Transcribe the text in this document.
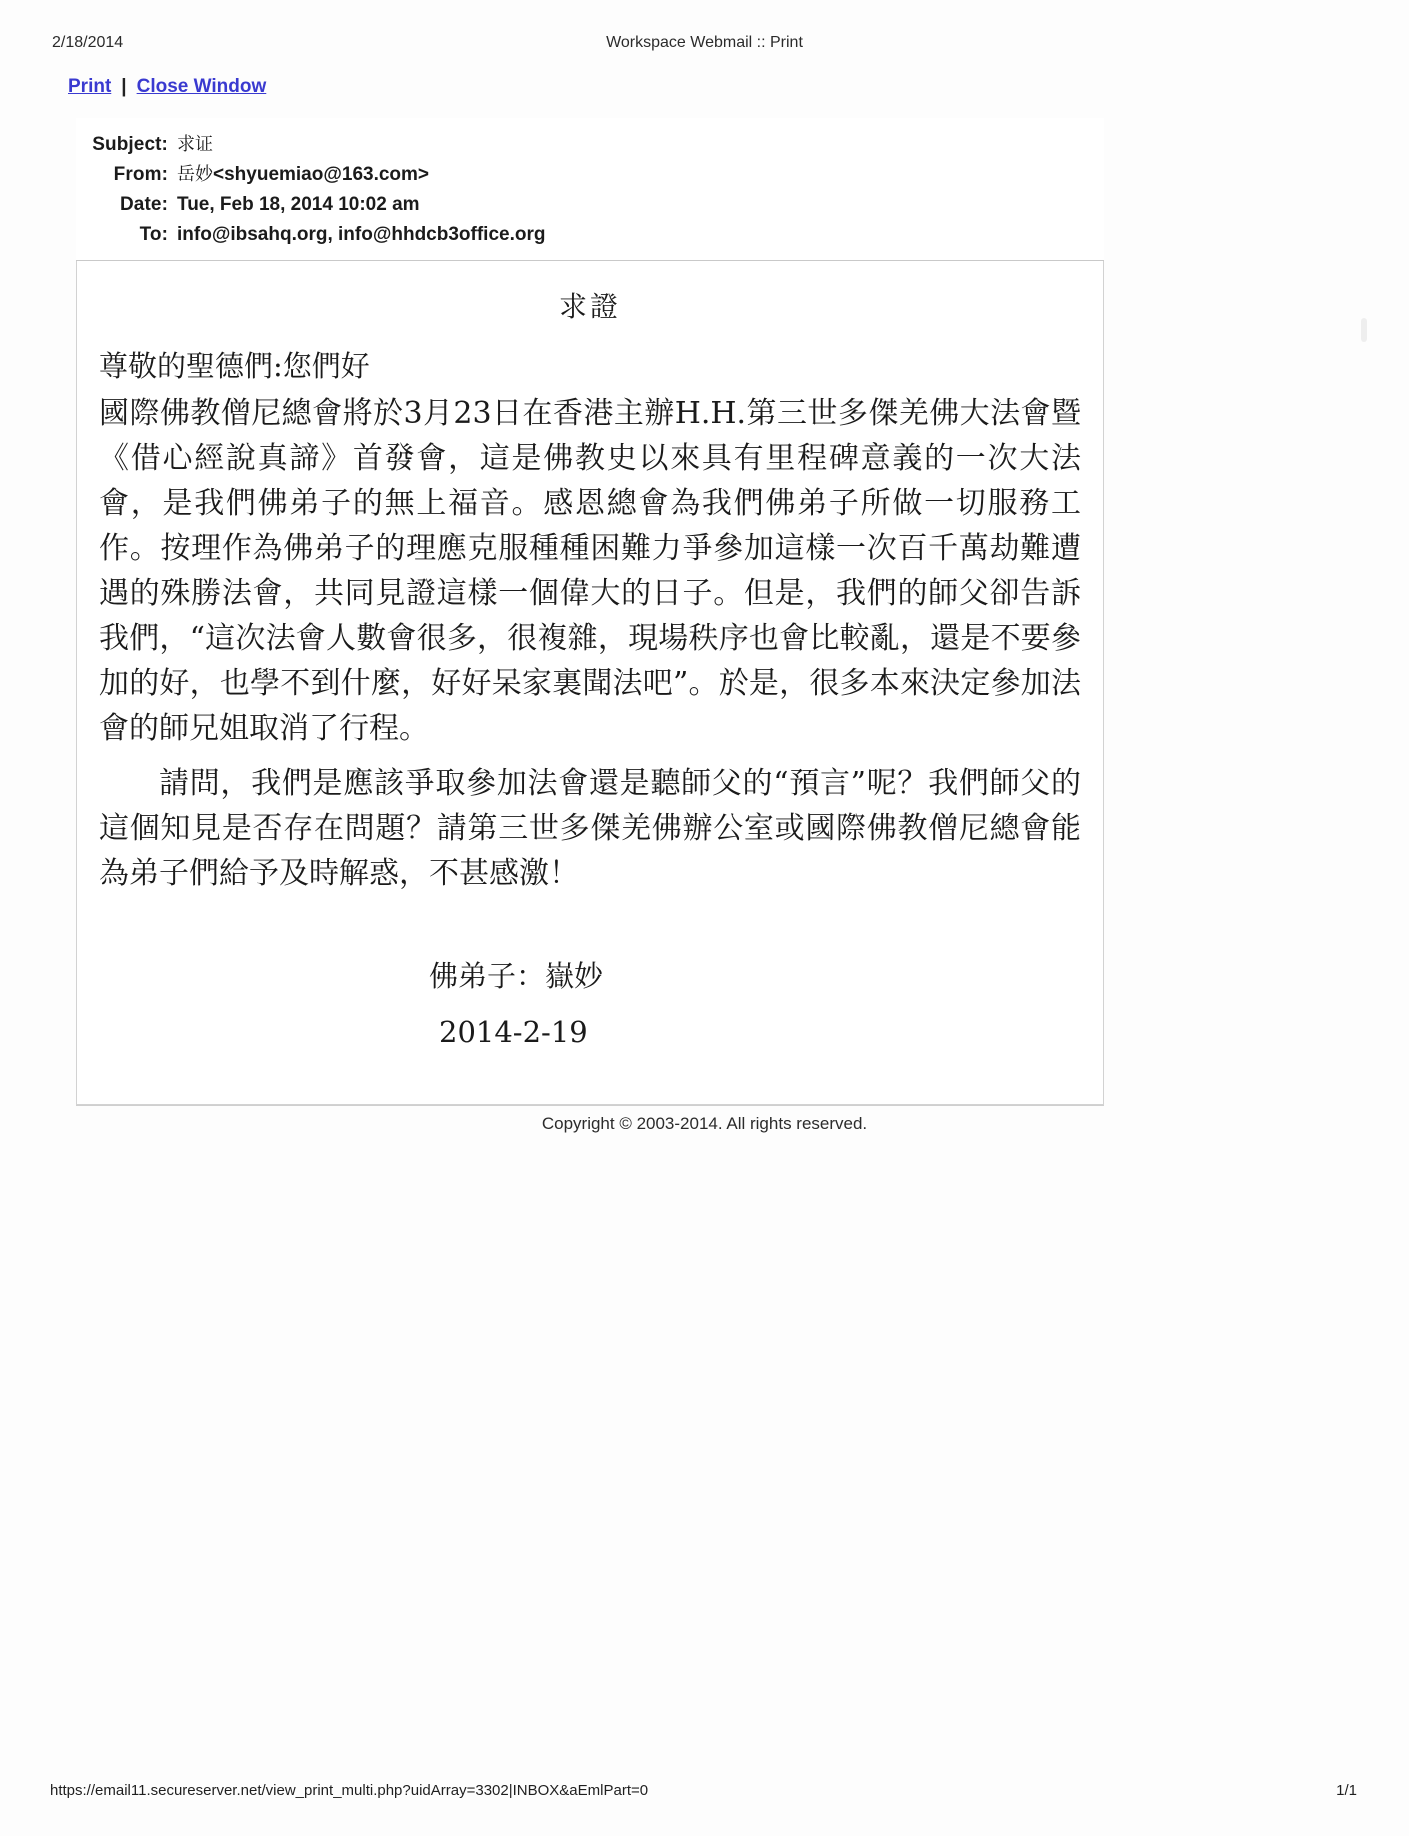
2/18/2014	Workspace Webmail :: Print
Print | Close Window
Subject: 求证
From: 岳妙<shyuemiao@163.com>
Date: Tue, Feb 18, 2014 10:02 am
To: info@ibsahq.org, info@hhdcb3office.org
求證
尊敬的聖德們:您們好

國際佛教僧尼總會將於3月23日在香港主辦H.H.第三世多傑羌佛大法會暨《借心經說真諦》首發會，這是佛教史以來具有里程碑意義的一次大法會，是我們佛弟子的無上福音。感恩總會為我們佛弟子所做一切服務工作。按理作為佛弟子的理應克服種種困難力爭參加這樣一次百千萬劫難遭遇的殊勝法會，共同見證這樣一個偉大的日子。但是，我們的師父卻告訴我們，“這次法會人數會很多，很複雜，現場秩序也會比較亂，還是不要參加的好，也學不到什麼，好好呆家裏聞法吧”。於是，很多本來決定參加法會的師兄姐取消了行程。

請問，我們是應該爭取參加法會還是聽師父的“預言”呢？我們師父的這個知見是否存在問題？請第三世多傑羌佛辦公室或國際佛教僧尼總會能為弟子們給予及時解惑，不甚感激！

佛弟子：嶽妙
2014-2-19
Copyright © 2003-2014. All rights reserved.
https://email11.secureserver.net/view_print_multi.php?uidArray=3302|INBOX&aEmlPart=0	1/1
